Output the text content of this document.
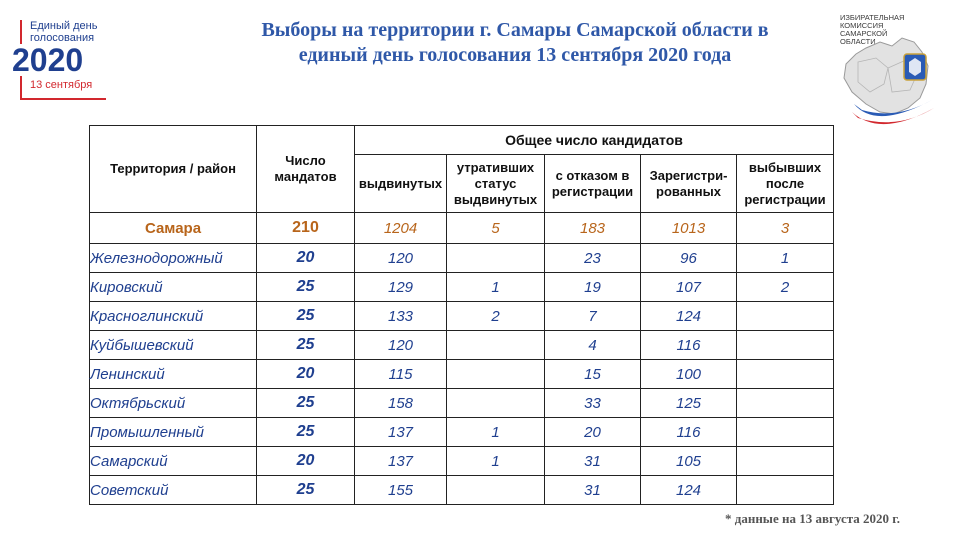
Единый день
голосования
2020
13 сентября
Выборы на территории г. Самары Самарской области в
единый день голосования 13 сентября 2020 года
ИЗБИРАТЕЛЬНАЯ
КОМИССИЯ
САМАРСКОЙ
ОБЛАСТИ
Территория / район	Число мандатов	Общее число кандидатов				
		выдвинутых	утративших статус выдвинутых	с отказом в регистрации	Зарегистри-рованных	выбывших после регистрации
Самара	210	1204	5	183	1013	3
Железнодорожный	20	120		23	96	1
Кировский	25	129	1	19	107	2
Красноглинский	25	133	2	7	124	
Куйбышевский	25	120		4	116	
Ленинский	20	115		15	100	
Октябрьский	25	158		33	125	
Промышленный	25	137	1	20	116	
Самарский	20	137	1	31	105	
Советский	25	155		31	124	
* данные на 13 августа 2020 г.
